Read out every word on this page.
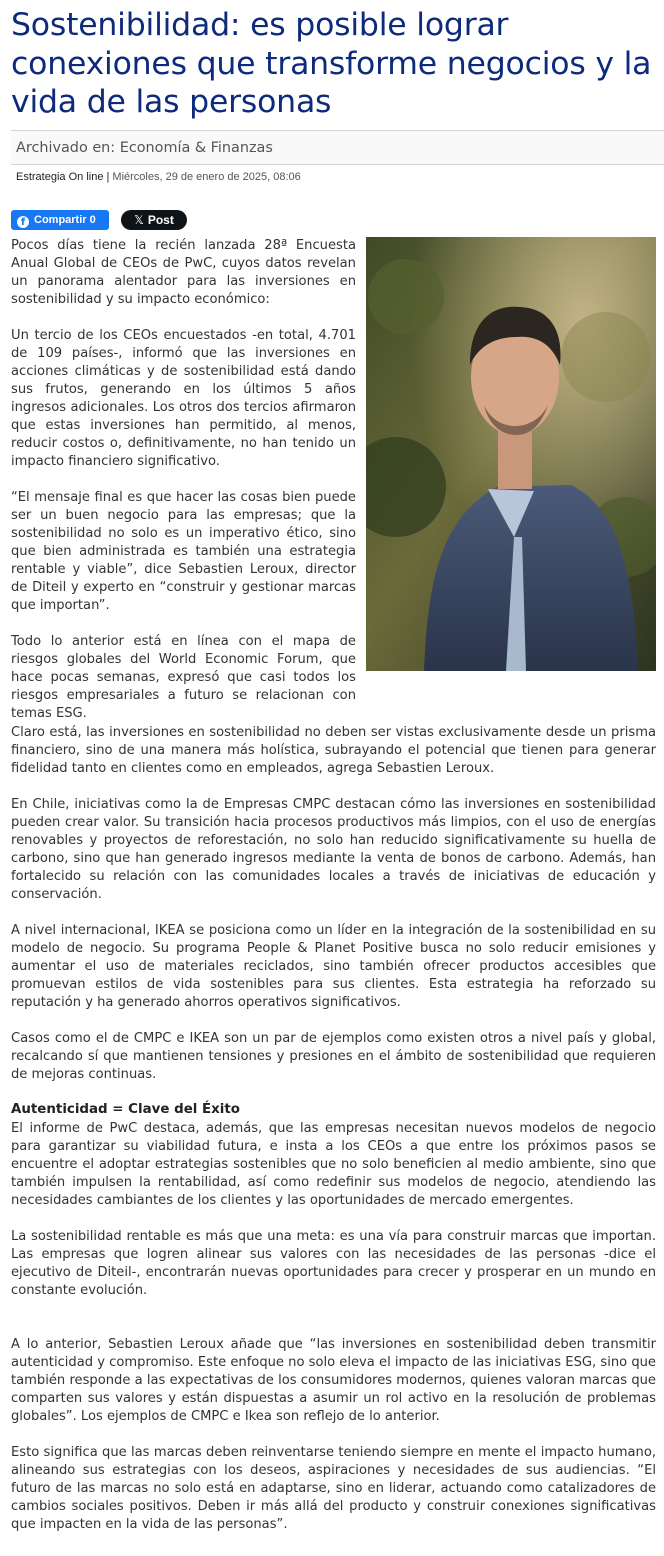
Sostenibilidad: es posible lograr conexiones que transforme negocios y la vida de las personas
Archivado en: Economía & Finanzas
Estrategia On line | Miércoles, 29 de enero de 2025, 08:06
f Compartir 0	𝕏 Post

Pocos días tiene la recién lanzada 28ª Encuesta Anual Global de CEOs de PwC, cuyos datos revelan un panorama alentador para las inversiones en sostenibilidad y su impacto económico:

Un tercio de los CEOs encuestados -en total, 4.701 de 109 países-, informó que las inversiones en acciones climáticas y de sostenibilidad está dando sus frutos, generando en los últimos 5 años ingresos adicionales. Los otros dos tercios afirmaron que estas inversiones han permitido, al menos, reducir costos o, definitivamente, no han tenido un impacto financiero significativo.

“El mensaje final es que hacer las cosas bien puede ser un buen negocio para las empresas; que la sostenibilidad no solo es un imperativo ético, sino que bien administrada es también una estrategia rentable y viable”, dice Sebastien Leroux, director de Diteil y experto en “construir y gestionar marcas que importan”.

Todo lo anterior está en línea con el mapa de riesgos globales del World Economic Forum, que hace pocas semanas, expresó que casi todos los riesgos empresariales a futuro se relacionan con temas ESG.

Claro está, las inversiones en sostenibilidad no deben ser vistas exclusivamente desde un prisma financiero, sino de una manera más holística, subrayando el potencial que tienen para generar fidelidad tanto en clientes como en empleados, agrega Sebastien Leroux.

En Chile, iniciativas como la de Empresas CMPC destacan cómo las inversiones en sostenibilidad pueden crear valor. Su transición hacia procesos productivos más limpios, con el uso de energías renovables y proyectos de reforestación, no solo han reducido significativamente su huella de carbono, sino que han generado ingresos mediante la venta de bonos de carbono. Además, han fortalecido su relación con las comunidades locales a través de iniciativas de educación y conservación.

A nivel internacional, IKEA se posiciona como un líder en la integración de la sostenibilidad en su modelo de negocio. Su programa People & Planet Positive busca no solo reducir emisiones y aumentar el uso de materiales reciclados, sino también ofrecer productos accesibles que promuevan estilos de vida sostenibles para sus clientes. Esta estrategia ha reforzado su reputación y ha generado ahorros operativos significativos.

Casos como el de CMPC e IKEA son un par de ejemplos como existen otros a nivel país y global, recalcando sí que mantienen tensiones y presiones en el ámbito de sostenibilidad que requieren de mejoras continuas.

Autenticidad = Clave del Éxito

El informe de PwC destaca, además, que las empresas necesitan nuevos modelos de negocio para garantizar su viabilidad futura, e insta a los CEOs a que entre los próximos pasos se encuentre el adoptar estrategias sostenibles que no solo beneficien al medio ambiente, sino que también impulsen la rentabilidad, así como redefinir sus modelos de negocio, atendiendo las necesidades cambiantes de los clientes y las oportunidades de mercado emergentes.

La sostenibilidad rentable es más que una meta: es una vía para construir marcas que importan. Las empresas que logren alinear sus valores con las necesidades de las personas -dice el ejecutivo de Diteil-, encontrarán nuevas oportunidades para crecer y prosperar en un mundo en constante evolución.

A lo anterior, Sebastien Leroux añade que “las inversiones en sostenibilidad deben transmitir autenticidad y compromiso. Este enfoque no solo eleva el impacto de las iniciativas ESG, sino que también responde a las expectativas de los consumidores modernos, quienes valoran marcas que comparten sus valores y están dispuestas a asumir un rol activo en la resolución de problemas globales”. Los ejemplos de CMPC e Ikea son reflejo de lo anterior.

Esto significa que las marcas deben reinventarse teniendo siempre en mente el impacto humano, alineando sus estrategias con los deseos, aspiraciones y necesidades de sus audiencias. “El futuro de las marcas no solo está en adaptarse, sino en liderar, actuando como catalizadores de cambios sociales positivos. Deben ir más allá del producto y construir conexiones significativas que impacten en la vida de las personas”.
